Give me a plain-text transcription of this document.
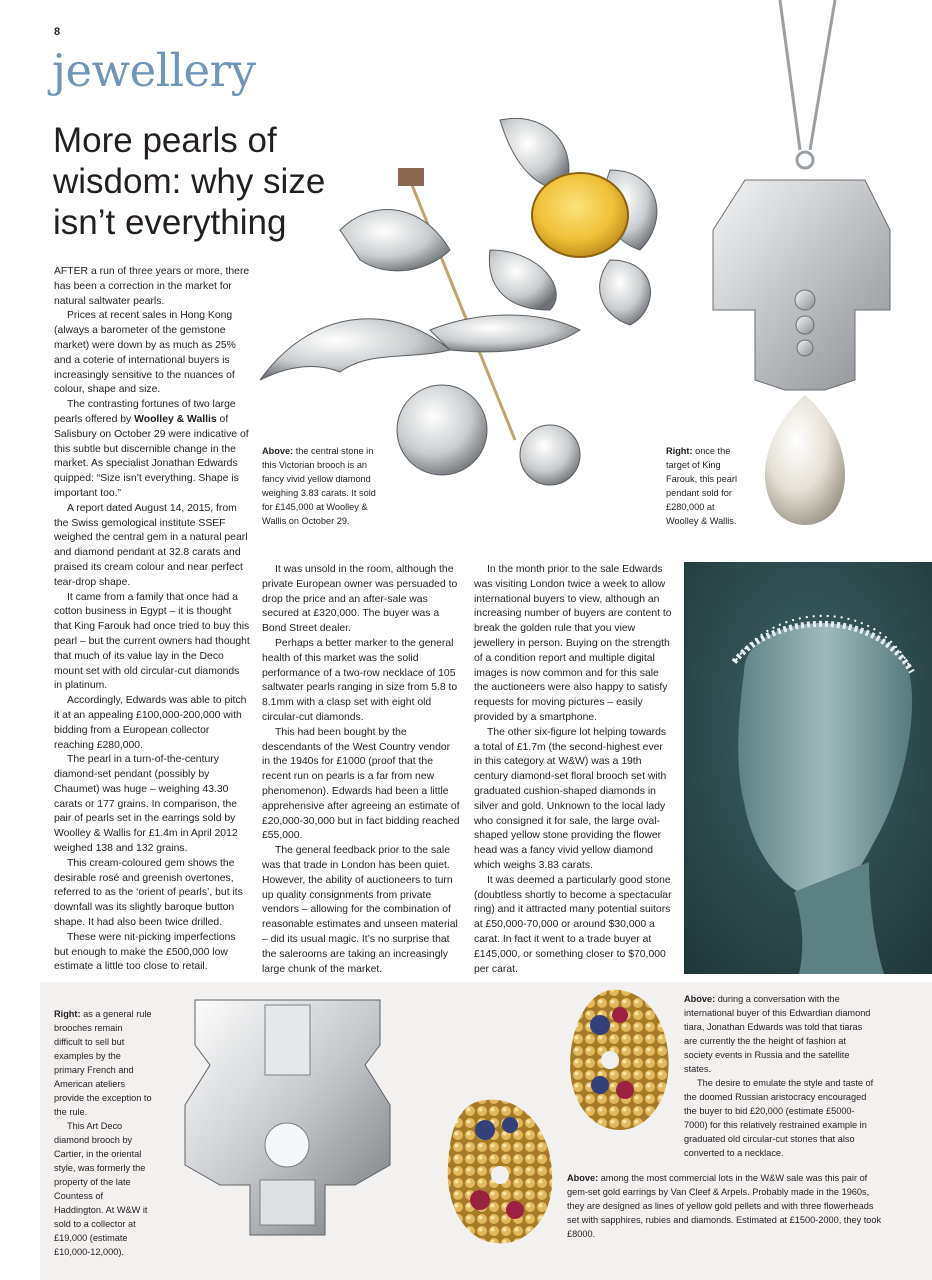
8
jewellery
More pearls of wisdom: why size isn’t everything

AFTER a run of three years or more, there has been a correction in the market for natural saltwater pearls.

Prices at recent sales in Hong Kong (always a barometer of the gemstone market) were down by as much as 25% and a coterie of international buyers is increasingly sensitive to the nuances of colour, shape and size.

The contrasting fortunes of two large pearls offered by Woolley & Wallis of Salisbury on October 29 were indicative of this subtle but discernible change in the market. As specialist Jonathan Edwards quipped: “Size isn’t everything. Shape is important too.”

A report dated August 14, 2015, from the Swiss gemological institute SSEF weighed the central gem in a natural pearl and diamond pendant at 32.8 carats and praised its cream colour and near perfect tear-drop shape.

It came from a family that once had a cotton business in Egypt – it is thought that King Farouk had once tried to buy this pearl – but the current owners had thought that much of its value lay in the Deco mount set with old circular-cut diamonds in platinum.

Accordingly, Edwards was able to pitch it at an appealing £100,000-200,000 with bidding from a European collector reaching £280,000.

The pearl in a turn-of-the-century diamond-set pendant (possibly by Chaumet) was huge – weighing 43.30 carats or 177 grains. In comparison, the pair of pearls set in the earrings sold by Woolley & Wallis for £1.4m in April 2012 weighed 138 and 132 grains.

This cream-coloured gem shows the desirable rosé and greenish overtones, referred to as the ‘orient of pearls’, but its downfall was its slightly baroque button shape. It had also been twice drilled.

These were nit-picking imperfections but enough to make the £500,000 low estimate a little too close to retail.

It was unsold in the room, although the private European owner was persuaded to drop the price and an after-sale was secured at £320,000. The buyer was a Bond Street dealer.

Perhaps a better marker to the general health of this market was the solid performance of a two-row necklace of 105 saltwater pearls ranging in size from 5.8 to 8.1mm with a clasp set with eight old circular-cut diamonds.

This had been bought by the descendants of the West Country vendor in the 1940s for £1000 (proof that the recent run on pearls is a far from new phenomenon). Edwards had been a little apprehensive after agreeing an estimate of £20,000-30,000 but in fact bidding reached £55,000.

The general feedback prior to the sale was that trade in London has been quiet. However, the ability of auctioneers to turn up quality consignments from private vendors – allowing for the combination of reasonable estimates and unseen material – did its usual magic. It’s no surprise that the salerooms are taking an increasingly large chunk of the market.

In the month prior to the sale Edwards was visiting London twice a week to allow international buyers to view, although an increasing number of buyers are content to break the golden rule that you view jewellery in person. Buying on the strength of a condition report and multiple digital images is now common and for this sale the auctioneers were also happy to satisfy requests for moving pictures – easily provided by a smartphone.

The other six-figure lot helping towards a total of £1.7m (the second-highest ever in this category at W&W) was a 19th century diamond-set floral brooch set with graduated cushion-shaped diamonds in silver and gold. Unknown to the local lady who consigned it for sale, the large oval-shaped yellow stone providing the flower head was a fancy vivid yellow diamond which weighs 3.83 carats.

It was deemed a particularly good stone (doubtless shortly to become a spectacular ring) and it attracted many potential suitors at £50,000-70,000 or around $30,000 a carat. In fact it went to a trade buyer at £145,000, or something closer to $70,000 per carat.

Above: the central stone in this Victorian brooch is an fancy vivid yellow diamond weighing 3.83 carats. It sold for £145,000 at Woolley & Wallis on October 29.

Right: once the target of King Farouk, this pearl pendant sold for £280,000 at Woolley & Wallis.

Right: as a general rule brooches remain difficult to sell but examples by the primary French and American ateliers provide the exception to the rule.

This Art Deco diamond brooch by Cartier, in the oriental style, was formerly the property of the late Countess of Haddington. At W&W it sold to a collector at £19,000 (estimate £10,000-12,000).

Above: during a conversation with the international buyer of this Edwardian diamond tiara, Jonathan Edwards was told that tiaras are currently the the height of fashion at society events in Russia and the satellite states.

The desire to emulate the style and taste of the doomed Russian aristocracy encouraged the buyer to bid £20,000 (estimate £5000-7000) for this relatively restrained example in graduated old circular-cut stones that also converted to a necklace.

Above: among the most commercial lots in the W&W sale was this pair of gem-set gold earrings by Van Cleef & Arpels. Probably made in the 1960s, they are designed as lines of yellow gold pellets and with three flowerheads set with sapphires, rubies and diamonds. Estimated at £1500-2000, they took £8000.
